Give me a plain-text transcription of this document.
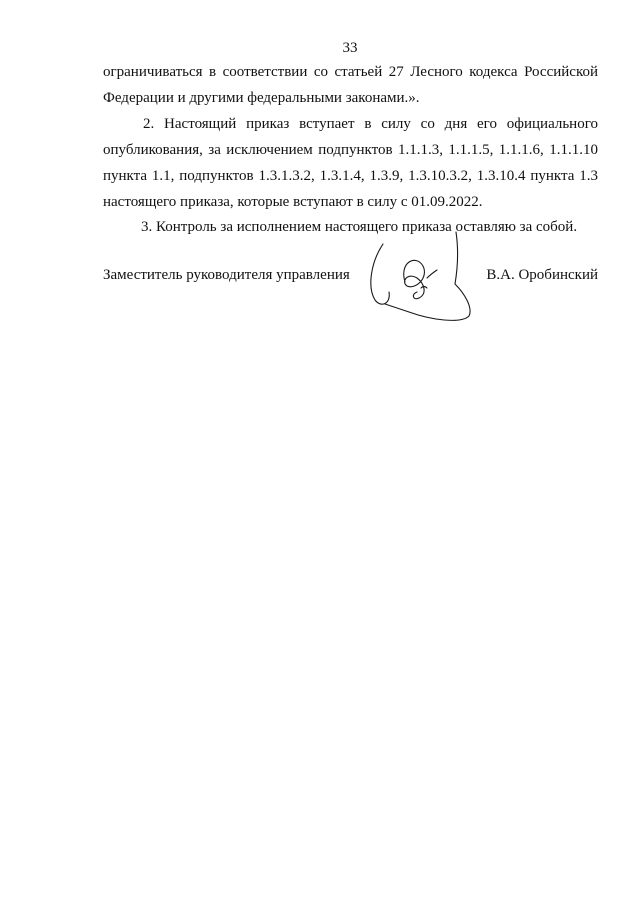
33
ограничиваться в соответствии со статьей 27 Лесного кодекса Российской
Федерации и другими федеральными законами.».
2. Настоящий приказ вступает в силу со дня его официального
опубликования, за исключением подпунктов 1.1.1.3, 1.1.1.5, 1.1.1.6, 1.1.1.10
пункта 1.1, подпунктов 1.3.1.3.2, 1.3.1.4, 1.3.9, 1.3.10.3.2, 1.3.10.4 пункта 1.3
настоящего приказа, которые вступают в силу с 01.09.2022.
3. Контроль за исполнением настоящего приказа оставляю за собой.
Заместитель руководителя управления	В.А. Оробинский
